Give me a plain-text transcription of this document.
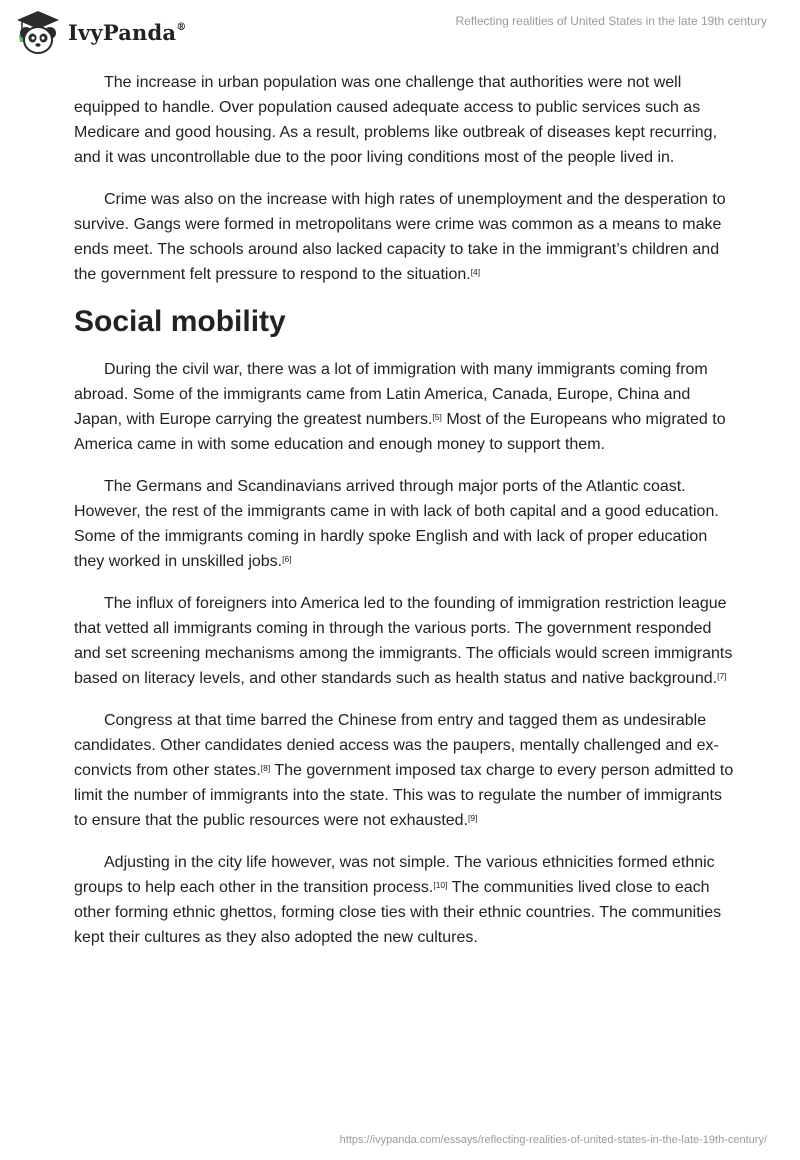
IvyPanda®	Reflecting realities of United States in the late 19th century

The increase in urban population was one challenge that authorities were not well equipped to handle. Over population caused adequate access to public services such as Medicare and good housing. As a result, problems like outbreak of diseases kept recurring, and it was uncontrollable due to the poor living conditions most of the people lived in.

Crime was also on the increase with high rates of unemployment and the desperation to survive. Gangs were formed in metropolitans were crime was common as a means to make ends meet. The schools around also lacked capacity to take in the immigrant’s children and the government felt pressure to respond to the situation.[4]

Social mobility

During the civil war, there was a lot of immigration with many immigrants coming from abroad. Some of the immigrants came from Latin America, Canada, Europe, China and Japan, with Europe carrying the greatest numbers.[5] Most of the Europeans who migrated to America came in with some education and enough money to support them.

The Germans and Scandinavians arrived through major ports of the Atlantic coast. However, the rest of the immigrants came in with lack of both capital and a good education. Some of the immigrants coming in hardly spoke English and with lack of proper education they worked in unskilled jobs.[6]

The influx of foreigners into America led to the founding of immigration restriction league that vetted all immigrants coming in through the various ports. The government responded and set screening mechanisms among the immigrants. The officials would screen immigrants based on literacy levels, and other standards such as health status and native background.[7]

Congress at that time barred the Chinese from entry and tagged them as undesirable candidates. Other candidates denied access was the paupers, mentally challenged and ex-convicts from other states.[8] The government imposed tax charge to every person admitted to limit the number of immigrants into the state. This was to regulate the number of immigrants to ensure that the public resources were not exhausted.[9]

Adjusting in the city life however, was not simple. The various ethnicities formed ethnic groups to help each other in the transition process.[10] The communities lived close to each other forming ethnic ghettos, forming close ties with their ethnic countries. The communities kept their cultures as they also adopted the new cultures.

https://ivypanda.com/essays/reflecting-realities-of-united-states-in-the-late-19th-century/
